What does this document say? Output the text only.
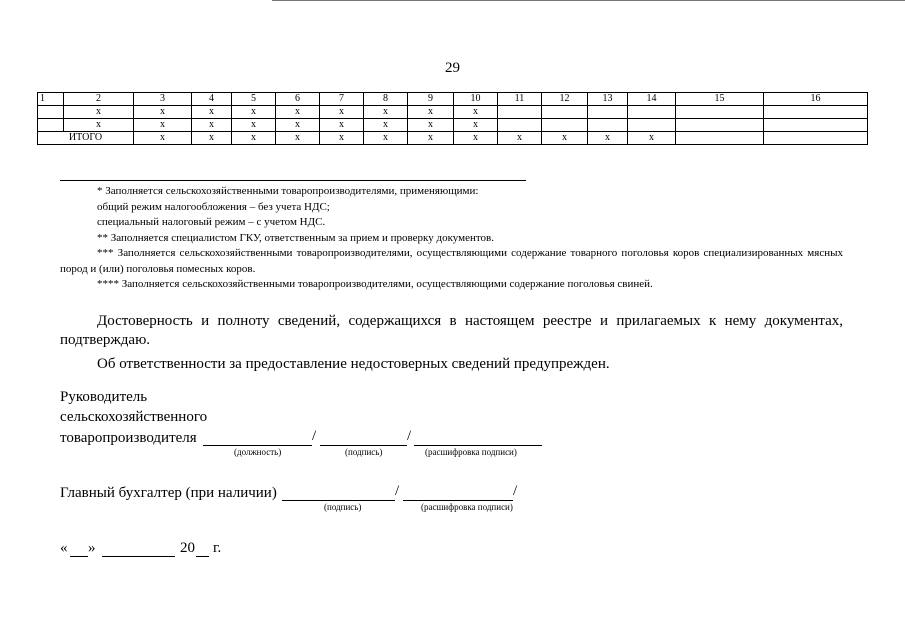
29
1	2	3	4	5	6	7	8	9	10	11	12	13	14	15	16
	x	x	x	x	x	x	x	x	x						
	x	x	x	x	x	x	x	x	x						
ИТОГО		x	x	x	x	x	x	x	x	x	x	x	x		
* Заполняется сельскохозяйственными товаропроизводителями, применяющими:
общий режим налогообложения – без учета НДС;
специальный налоговый режим – с учетом НДС.
** Заполняется специалистом ГКУ, ответственным за прием и проверку документов.
*** Заполняется сельскохозяйственными товаропроизводителями, осуществляющими содержание товарного поголовья коров специализированных мясных пород и (или) поголовья помесных коров.
**** Заполняется сельскохозяйственными товаропроизводителями, осуществляющими содержание поголовья свиней.

Достоверность и полноту сведений, содержащихся в настоящем реестре и прилагаемых к нему документах, подтверждаю.

Об ответственности за предоставление недостоверных сведений предупрежден.

Руководитель
сельскохозяйственного
товаропроизводителя	/	/
(должность)	(подпись)	(расшифровка подписи)
Главный бухгалтер (при наличии)	/	/
(подпись)	(расшифровка подписи)
« »	20 г.
